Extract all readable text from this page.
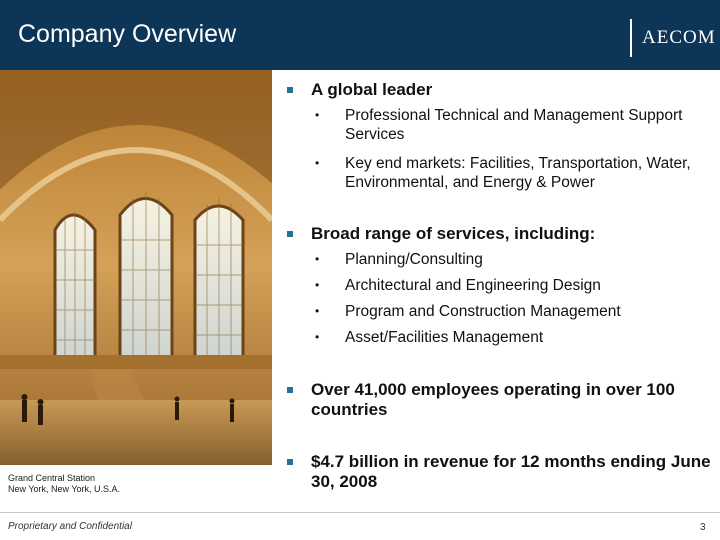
Company Overview	AECOM
Grand Central Station
New York, New York, U.S.A.
A global leader
•	Professional Technical and Management Support Services
•	Key end markets: Facilities, Transportation, Water, Environmental, and Energy & Power
Broad range of services, including:
•	Planning/Consulting
•	Architectural and Engineering Design
•	Program and Construction Management
•	Asset/Facilities Management
Over 41,000 employees operating in over 100 countries
$4.7 billion in revenue for 12 months ending June 30, 2008
Proprietary and Confidential	3
